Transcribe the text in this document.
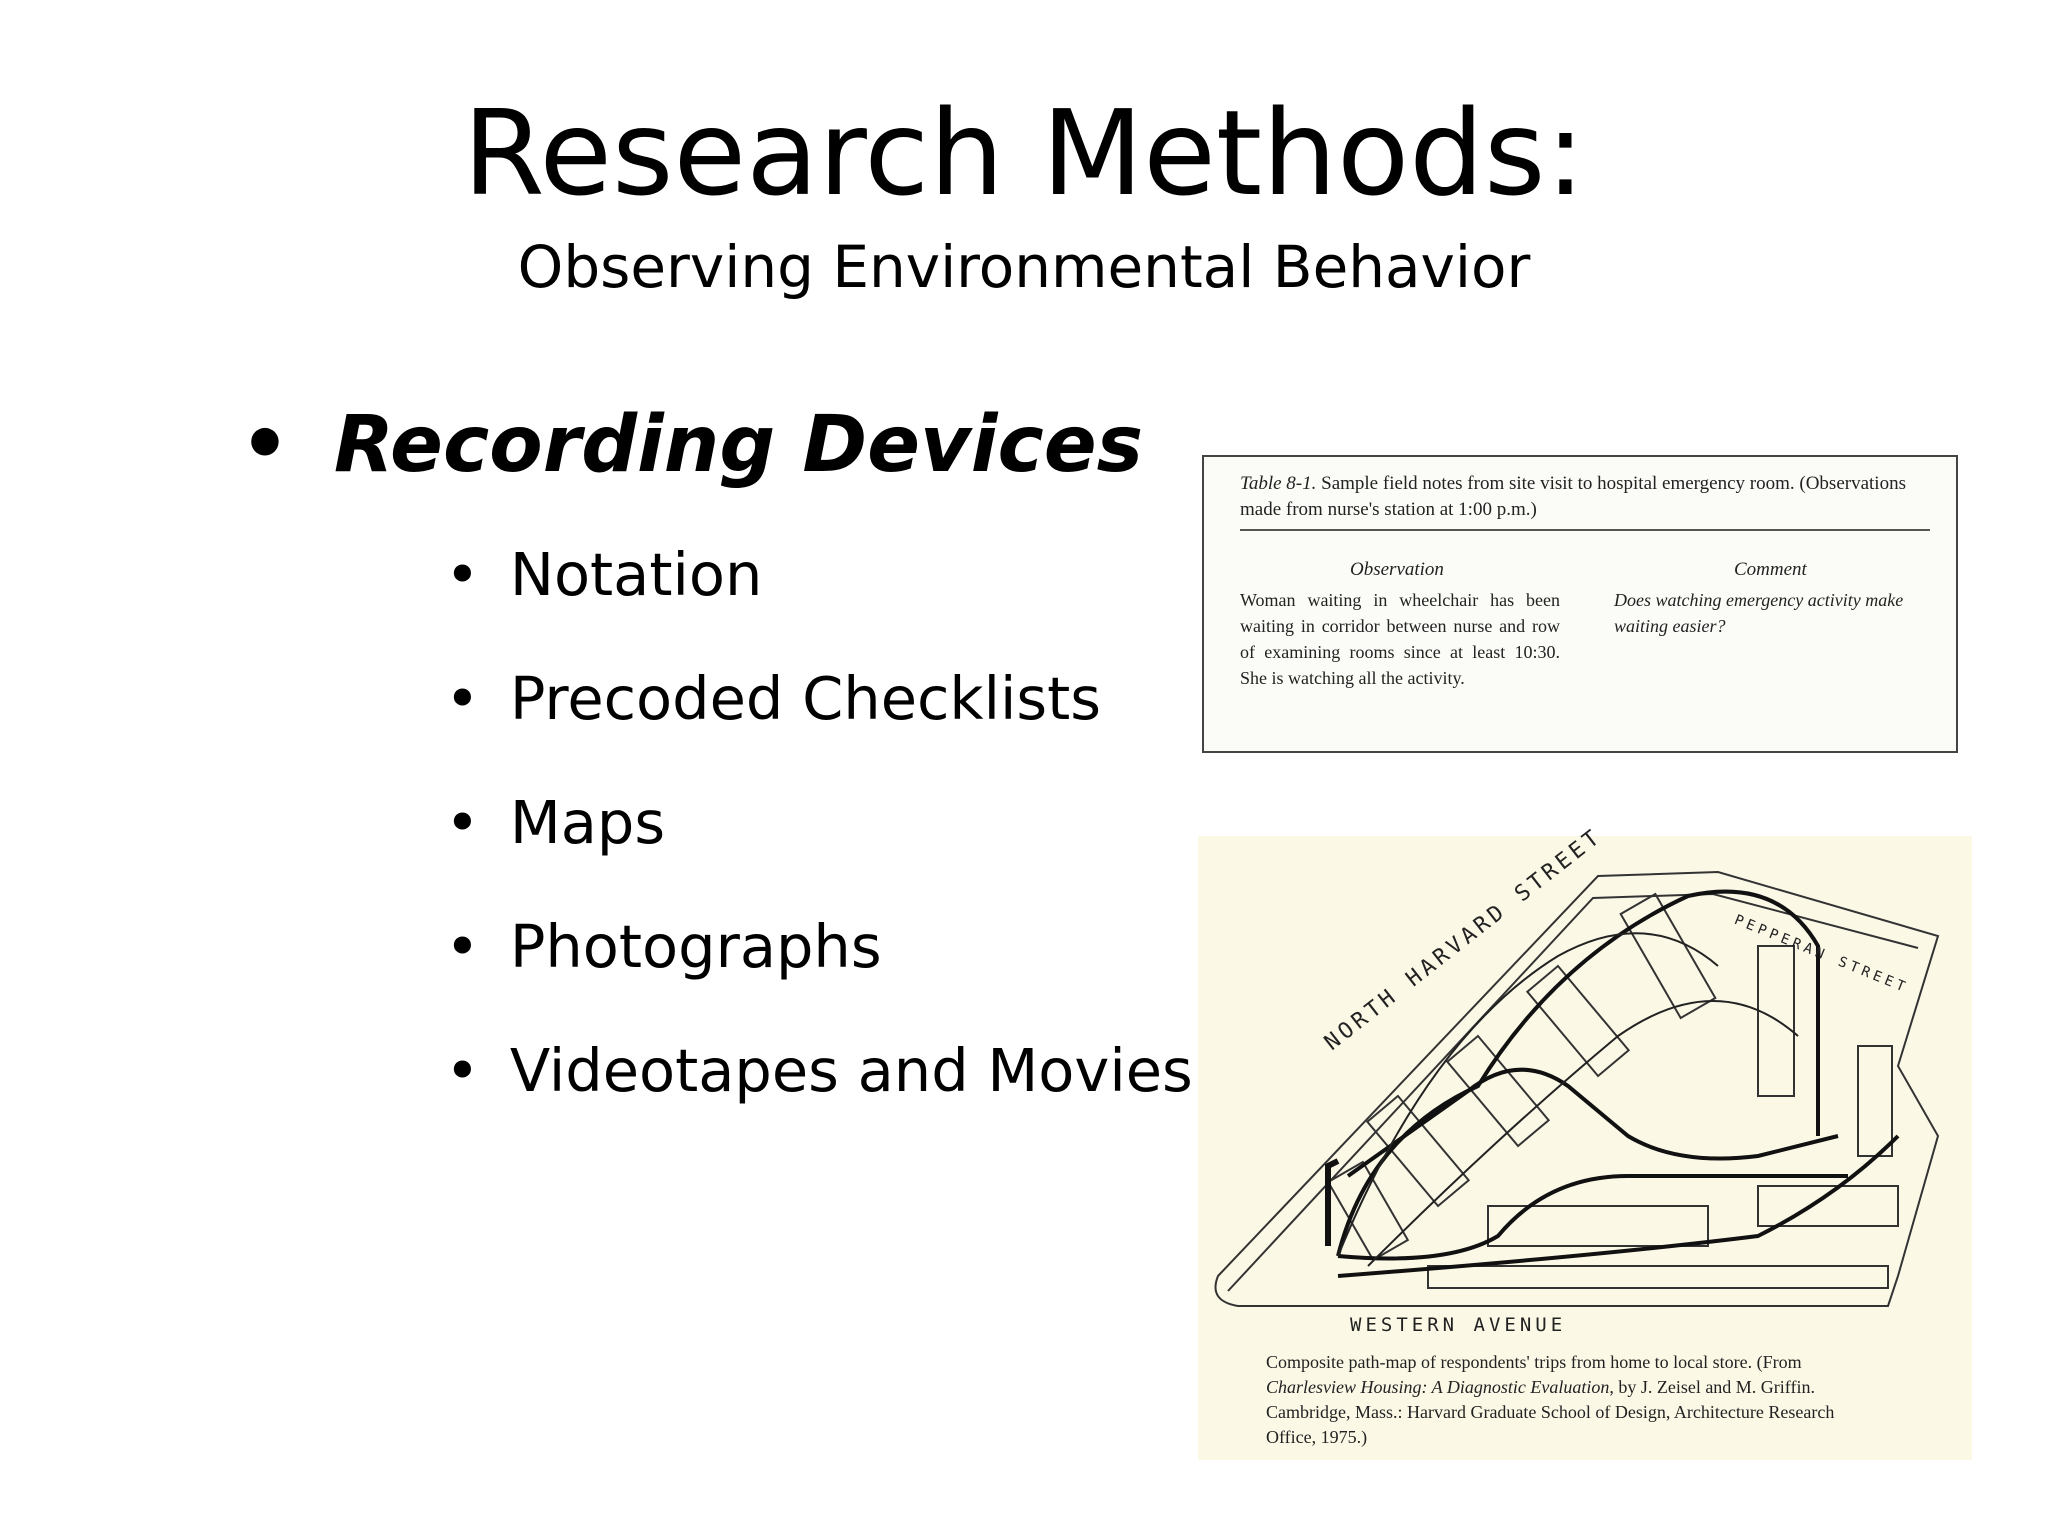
Research Methods:
Observing Environmental Behavior
• Recording Devices
• Notation
• Precoded Checklists
• Maps
• Photographs
• Videotapes and Movies
Table 8-1. Sample field notes from site visit to hospital emergency room. (Observations made from nurse's station at 1:00 p.m.)
Observation	Comment
Woman waiting in wheelchair has been waiting in corridor between nurse and row of examining rooms since at least 10:30. She is watching all the activity.
Does watching emergency activity make waiting easier?
NORTH HARVARD STREET	PEPPERAN STREET
WESTERN AVENUE
Composite path-map of respondents' trips from home to local store. (From Charlesview Housing: A Diagnostic Evaluation, by J. Zeisel and M. Griffin. Cambridge, Mass.: Harvard Graduate School of Design, Architecture Research Office, 1975.)
